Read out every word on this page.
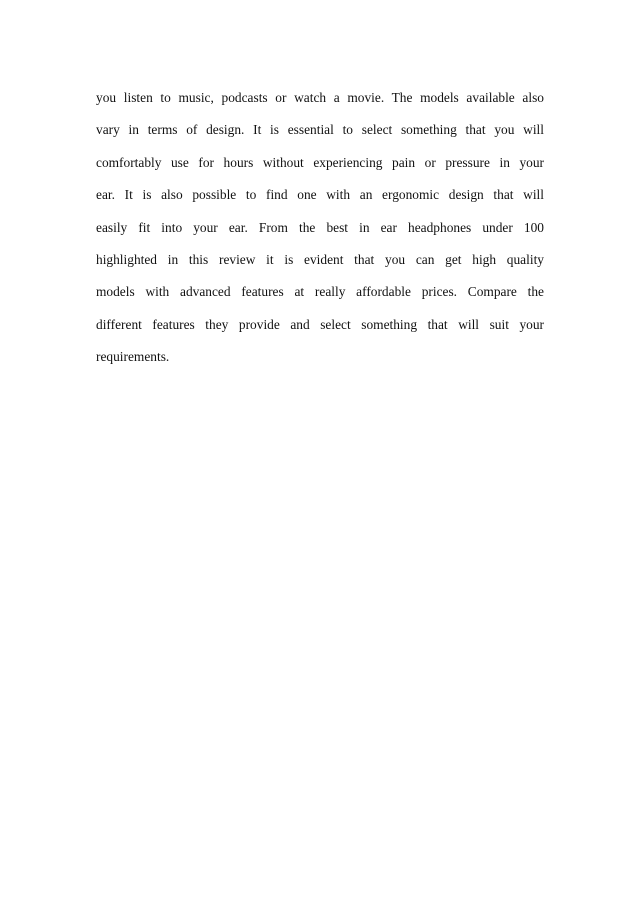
you listen to music, podcasts or watch a movie. The models available also
vary in terms of design. It is essential to select something that you will
comfortably use for hours without experiencing pain or pressure in your
ear. It is also possible to find one with an ergonomic design that will
easily fit into your ear. From the best in ear headphones under 100
highlighted in this review it is evident that you can get high quality
models with advanced features at really affordable prices. Compare the
different features they provide and select something that will suit your
requirements.
